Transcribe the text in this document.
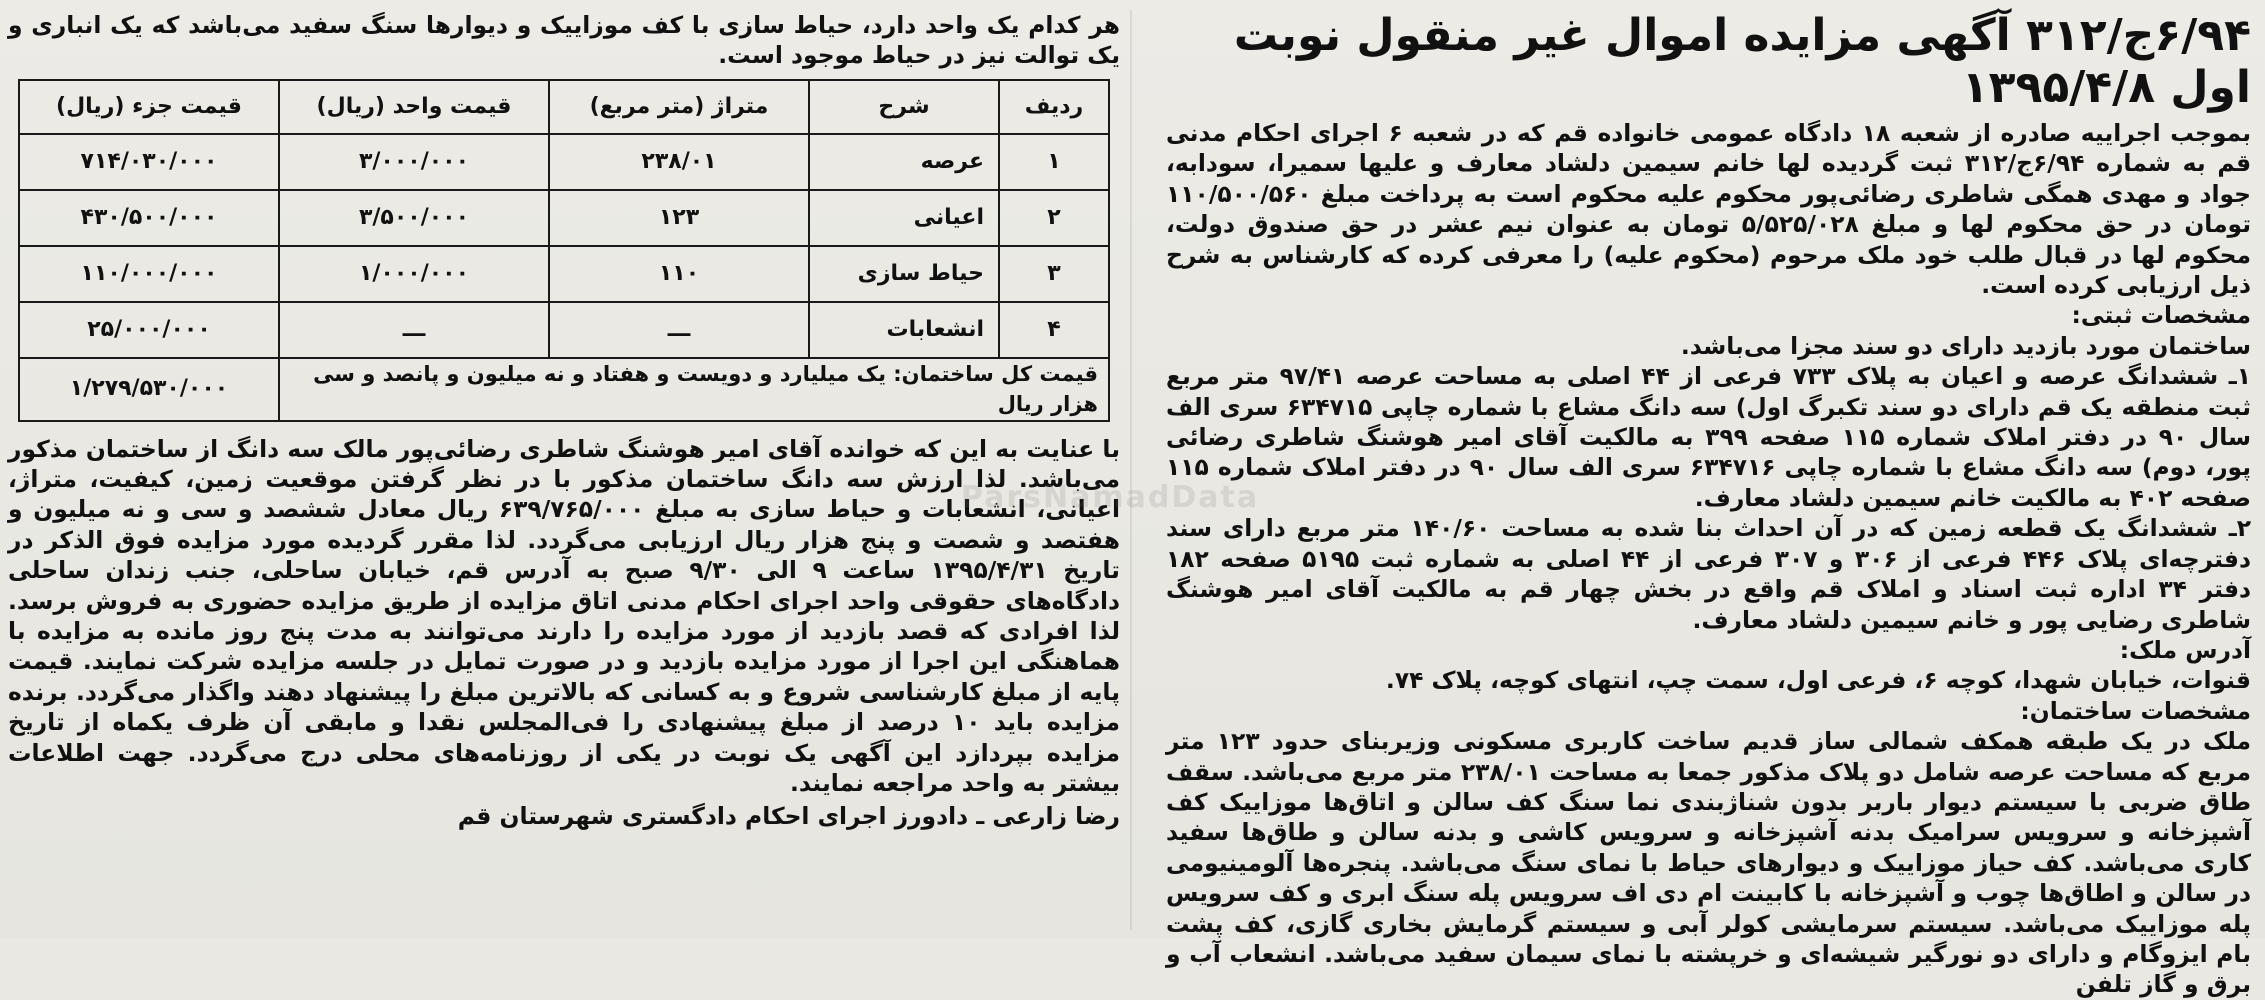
۶/۹۴ج/۳۱۲ آگهی مزایده اموال غیر منقول نوبت اول ۱۳۹۵/۴/۸

بموجب اجراییه صادره از شعبه ۱۸ دادگاه عمومی خانواده قم که در شعبه ۶ اجرای احکام مدنی قم به شماره ۶/۹۴ج/۳۱۲ ثبت گردیده لها خانم سیمین دلشاد معارف و علیها سمیرا، سودابه، جواد و مهدی همگی شاطری رضائی‌پور محکوم علیه محکوم است به پرداخت مبلغ ۱۱۰/۵۰۰/۵۶۰ تومان در حق محکوم لها و مبلغ ۵/۵۲۵/۰۲۸ تومان به عنوان نیم عشر در حق صندوق دولت، محکوم لها در قبال طلب خود ملک مرحوم (محکوم علیه) را معرفی کرده که کارشناس به شرح ذیل ارزیابی کرده است.

مشخصات ثبتی:

ساختمان مورد بازدید دارای دو سند مجزا می‌باشد.

۱ـ ششدانگ عرصه و اعیان به پلاک ۷۳۳ فرعی از ۴۴ اصلی به مساحت عرصه ۹۷/۴۱ متر مربع ثبت منطقه یک قم دارای دو سند تکبرگ اول) سه دانگ مشاع با شماره چاپی ۶۳۴۷۱۵ سری الف سال ۹۰ در دفتر املاک شماره ۱۱۵ صفحه ۳۹۹ به مالکیت آقای امیر هوشنگ شاطری رضائی پور، دوم) سه دانگ مشاع با شماره چاپی ۶۳۴۷۱۶ سری الف سال ۹۰ در دفتر املاک شماره ۱۱۵ صفحه ۴۰۲ به مالکیت خانم سیمین دلشاد معارف.

۲ـ ششدانگ یک قطعه زمین که در آن احداث بنا شده به مساحت ۱۴۰/۶۰ متر مربع دارای سند دفترچه‌ای پلاک ۴۴۶ فرعی از ۳۰۶ و ۳۰۷ فرعی از ۴۴ اصلی به شماره ثبت ۵۱۹۵ صفحه ۱۸۲ دفتر ۳۴ اداره ثبت اسناد و املاک قم واقع در بخش چهار قم به مالکیت آقای امیر هوشنگ شاطری رضایی پور و خانم سیمین دلشاد معارف.

آدرس ملک:

قنوات، خیابان شهدا، کوچه ۶، فرعی اول، سمت چپ، انتهای کوچه، پلاک ۷۴.

مشخصات ساختمان:

ملک در یک طبقه همکف شمالی ساز قدیم ساخت کاربری مسکونی وزیربنای حدود ۱۲۳ متر مربع که مساحت عرصه شامل دو پلاک مذکور جمعا به مساحت ۲۳۸/۰۱ متر مربع می‌باشد. سقف طاق ضربی با سیستم دیوار باربر بدون شناژبندی نما سنگ کف سالن و اتاق‌ها موزاییک کف آشپزخانه و سرویس سرامیک بدنه آشپزخانه و سرویس کاشی و بدنه سالن و طاق‌ها سفید کاری می‌باشد. کف حیاز موزاییک و دیوارهای حیاط با نمای سنگ می‌باشد. پنجره‌ها آلومینیومی در سالن و اطاق‌ها چوب و آشپزخانه با کابینت ام دی اف سرویس پله سنگ ابری و کف سرویس پله موزاییک می‌باشد. سیستم سرمایشی کولر آبی و سیستم گرمایش بخاری گازی، کف پشت بام ایزوگام و دارای دو نورگیر شیشه‌ای و خرپشته با نمای سیمان سفید می‌باشد. انشعاب آب و برق و گاز تلفن

هر کدام یک واحد دارد، حیاط سازی با کف موزاییک و دیوارها سنگ سفید می‌باشد که یک انباری و یک توالت نیز در حیاط موجود است.

ردیف	شرح	متراژ (متر مربع)	قیمت واحد (ریال)	قیمت جزء (ریال)
۱	عرصه	۲۳۸/۰۱	۳/۰۰۰/۰۰۰	۷۱۴/۰۳۰/۰۰۰
۲	اعیانی	۱۲۳	۳/۵۰۰/۰۰۰	۴۳۰/۵۰۰/۰۰۰
۳	حیاط سازی	۱۱۰	۱/۰۰۰/۰۰۰	۱۱۰/۰۰۰/۰۰۰
۴	انشعابات	ـــ	ـــ	۲۵/۰۰۰/۰۰۰
قیمت کل ساختمان: یک میلیارد و دویست و هفتاد و نه میلیون و پانصد و سی هزار ریال				۱/۲۷۹/۵۳۰/۰۰۰

با عنایت به این که خوانده آقای امیر هوشنگ شاطری رضائی‌پور مالک سه دانگ از ساختمان مذکور می‌باشد. لذا ارزش سه دانگ ساختمان مذکور با در نظر گرفتن موقعیت زمین، کیفیت، متراژ، اعیانی، انشعابات و حیاط سازی به مبلغ ۶۳۹/۷۶۵/۰۰۰ ریال معادل ششصد و سی و نه میلیون و هفتصد و شصت و پنج هزار ریال ارزیابی می‌گردد. لذا مقرر گردیده مورد مزایده فوق الذکر در تاریخ ۱۳۹۵/۴/۳۱ ساعت ۹ الی ۹/۳۰ صبح به آدرس قم، خیابان ساحلی، جنب زندان ساحلی دادگاه‌های حقوقی واحد اجرای احکام مدنی اتاق مزایده از طریق مزایده حضوری به فروش برسد. لذا افرادی که قصد بازدید از مورد مزایده را دارند می‌توانند به مدت پنج روز مانده به مزایده با هماهنگی این اجرا از مورد مزایده بازدید و در صورت تمایل در جلسه مزایده شرکت نمایند. قیمت پایه از مبلغ کارشناسی شروع و به کسانی که بالاترین مبلغ را پیشنهاد دهند واگذار می‌گردد. برنده مزایده باید ۱۰ درصد از مبلغ پیشنهادی را فی‌المجلس نقدا و مابقی آن ظرف یکماه از تاریخ مزایده بپردازد این آگهی یک نوبت در یکی از روزنامه‌های محلی درج می‌گردد. جهت اطلاعات بیشتر به واحد مراجعه نمایند.

رضا زارعی ـ دادورز اجرای احکام دادگستری شهرستان قم

ParsNamadData
